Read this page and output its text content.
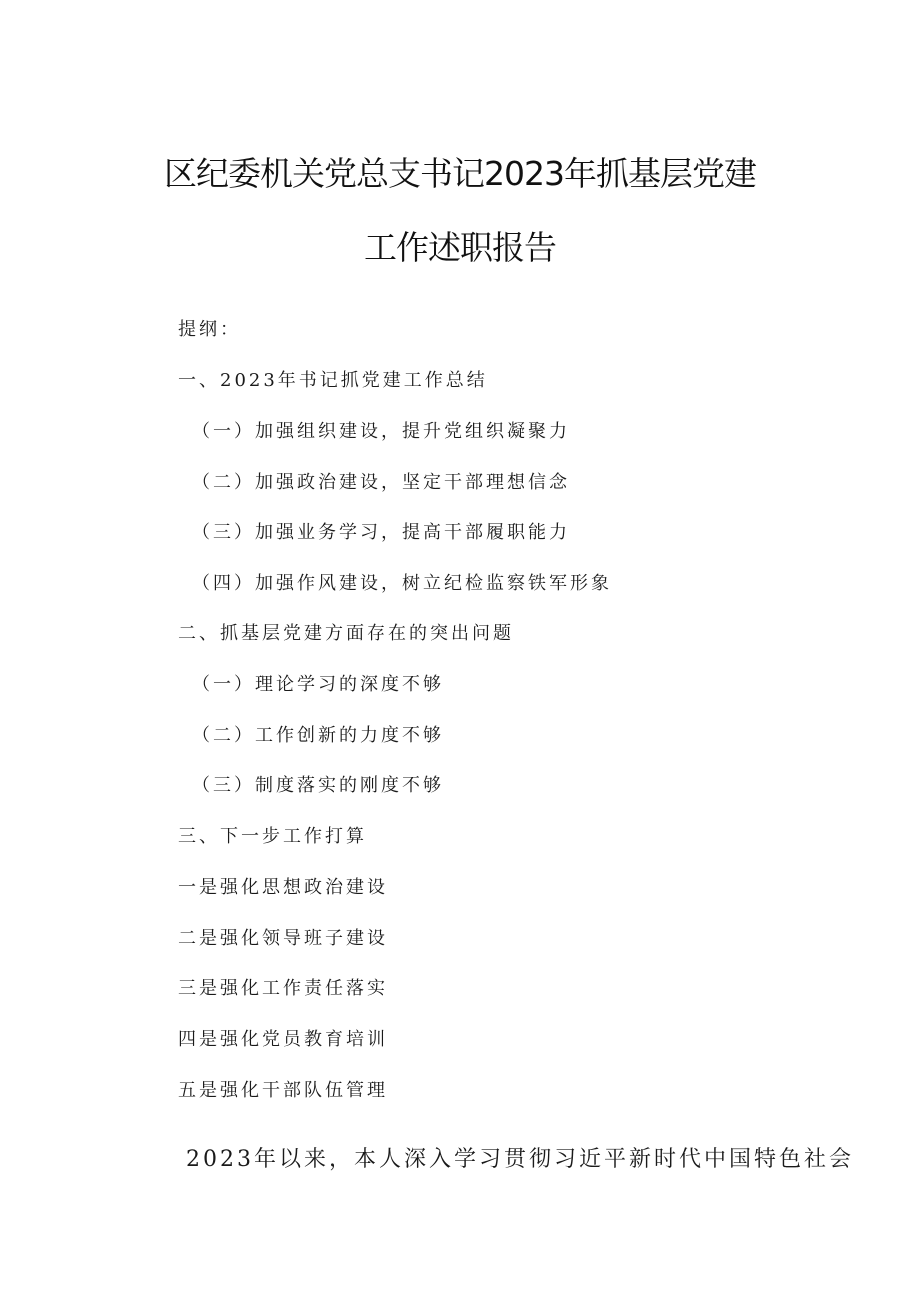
区纪委机关党总支书记2023年抓基层党建
工作述职报告
提纲：
一、2023年书记抓党建工作总结
（一）加强组织建设，提升党组织凝聚力
（二）加强政治建设，坚定干部理想信念
（三）加强业务学习，提高干部履职能力
（四）加强作风建设，树立纪检监察铁军形象
二、抓基层党建方面存在的突出问题
（一）理论学习的深度不够
（二）工作创新的力度不够
（三）制度落实的刚度不够
三、下一步工作打算
一是强化思想政治建设
二是强化领导班子建设
三是强化工作责任落实
四是强化党员教育培训
五是强化干部队伍管理
2023年以来，本人深入学习贯彻习近平新时代中国特色社会
